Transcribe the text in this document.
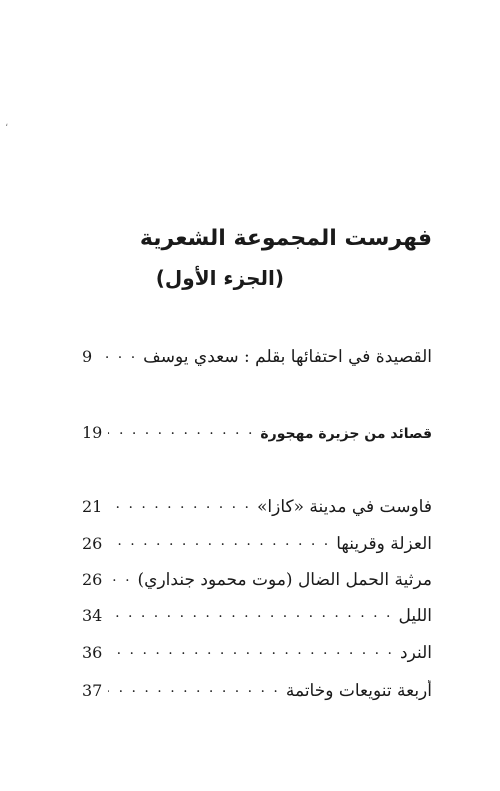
،
فهرست المجموعة الشعرية
(الجزء الأول)
القصيدة في احتفائها بقلم : سعدي يوسف
. . .
9
قصائد من جزيرة مهجورة
. . .
19
فاوست في مدينة «كازا»
. . .
21
العزلة وقرينها
. . .
26
مرثية الحمل الضال (موت محمود جنداري)
. . .
26
الليل
. . .
34
النرد
. . .
36
أربعة تنويعات وخاتمة
. . .
37
